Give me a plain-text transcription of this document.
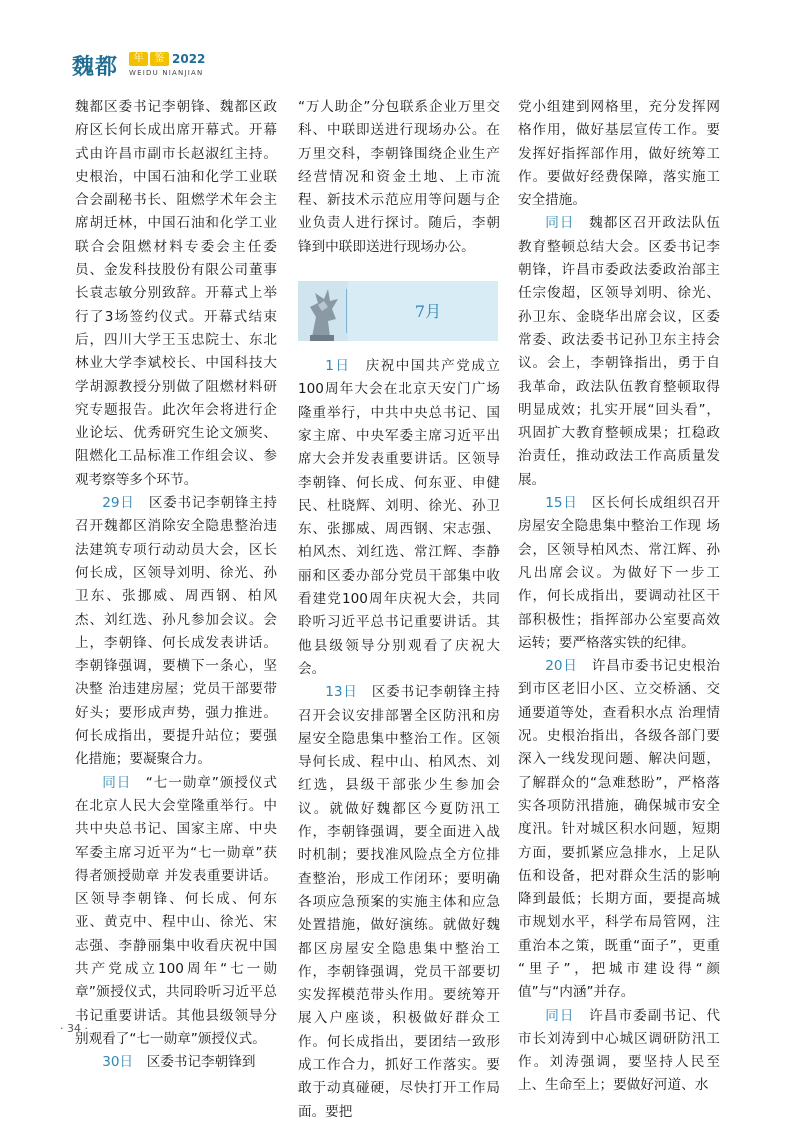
魏都	年	鉴 2022
WEIDU NIANJIAN

魏都区委书记李朝锋、魏都区政府区长何长成出席开幕式。开幕式由许昌市副市长赵淑红主持。史根治，中国石油和化学工业联合会副秘书长、阻燃学术年会主席胡迁林，中国石油和化学工业联合会阻燃材料专委会主任委员、金发科技股份有限公司董事长袁志敏分别致辞。开幕式上举行了3场签约仪式。开幕式结束后，四川大学王玉忠院士、东北林业大学李斌校长、中国科技大学胡源教授分别做了阻燃材料研究专题报告。此次年会将进行企业论坛、优秀研究生论文颁奖、阻燃化工品标准工作组会议、参观考察等多个环节。

29日　 区委书记李朝锋主持召开魏都区消除安全隐患整治违 法建筑专项行动动员大会，区长何长成，区领导刘明、徐光、孙卫东、张挪威、周西钢、柏风杰、刘红选、孙凡参加会议。会上，李朝锋、何长成发表讲话。李朝锋强调，要横下一条心，坚决整 治违建房屋；党员干部要带好头；要形成声势，强力推进。何长成指出，要提升站位；要强化措施；要凝聚合力。

同日　 “七一勋章”颁授仪式在北京人民大会堂隆重举行。中共中央总书记、国家主席、中央军委主席习近平为“七一勋章”获得者颁授勋章 并发表重要讲话。区领导李朝锋、何长成、何东亚、黄克中、程中山、徐光、宋志强、李静丽集中收看庆祝中国共产党成立100周年“七一勋章”颁授仪式，共同聆听习近平总书记重要讲话。其他县级领导分别观看了“七一勋章”颁授仪式。

30日　 区委书记李朝锋到

“万人助企”分包联系企业万里交科、中联即送进行现场办公。在万里交科，李朝锋围绕企业生产经营情况和资金土地、上市流程、新技术示范应用等问题与企业负责人进行探讨。随后，李朝锋到中联即送进行现场办公。

7月

1日　 庆祝中国共产党成立100周年大会在北京天安门广场隆重举行，中共中央总书记、国家主席、中央军委主席习近平出席大会并发表重要讲话。区领导李朝锋、何长成、何东亚、申健民、杜晓辉、刘明、徐光、孙卫东、张挪威、周西钢、宋志强、柏风杰、刘红选、常江辉、李静丽和区委办部分党员干部集中收看建党100周年庆祝大会，共同聆听习近平总书记重要讲话。其他县级领导分别观看了庆祝大会。

13日　 区委书记李朝锋主持召开会议安排部署全区防汛和房屋安全隐患集中整治工作。区领导何长成、程中山、柏风杰、刘红选，县级干部张少生参加会议。就做好魏都区今夏防汛工作，李朝锋强调，要全面进入战时机制；要找准风险点全方位排查整治，形成工作闭环；要明确各项应急预案的实施主体和应急处置措施，做好演练。就做好魏都区房屋安全隐患集中整治工作，李朝锋强调，党员干部要切实发挥模范带头作用。要统筹开展入户座谈，积极做好群众工作。何长成指出，要团结一致形成工作合力，抓好工作落实。要敢于动真碰硬，尽快打开工作局面。要把

党小组建到网格里，充分发挥网格作用，做好基层宣传工作。要发挥好指挥部作用，做好统筹工作。要做好经费保障，落实施工安全措施。

同日　 魏都区召开政法队伍教育整顿总结大会。区委书记李朝锋，许昌市委政法委政治部主任宗俊超，区领导刘明、徐光、孙卫东、金晓华出席会议，区委常委、政法委书记孙卫东主持会议。会上，李朝锋指出，勇于自我革命，政法队伍教育整顿取得明显成效；扎实开展“回头看”，巩固扩大教育整顿成果；扛稳政治责任，推动政法工作高质量发展。

15日　 区长何长成组织召开房屋安全隐患集中整治工作现 场会，区领导柏风杰、常江辉、孙凡出席会议。为做好下一步工作，何长成指出，要调动社区干部积极性；指挥部办公室要高效运转；要严格落实铁的纪律。

20日　 许昌市委书记史根治到市区老旧小区、立交桥涵、交通要道等处，查看积水点 治理情况。史根治指出，各级各部门要深入一线发现问题、解决问题，了解群众的“急难愁盼”，严格落实各项防汛措施，确保城市安全度汛。针对城区积水问题，短期方面，要抓紧应急排水，上足队伍和设备，把对群众生活的影响降到最低；长期方面，要提高城市规划水平，科学布局管网，注重治本之策，既重“面子”，更重 “里子”，把城市建设得“颜值”与“内涵”并存。

同日　 许昌市委副书记、代市长刘涛到中心城区调研防汛工作。刘涛强调，要坚持人民至上、生命至上；要做好河道、水

· 34 ·
